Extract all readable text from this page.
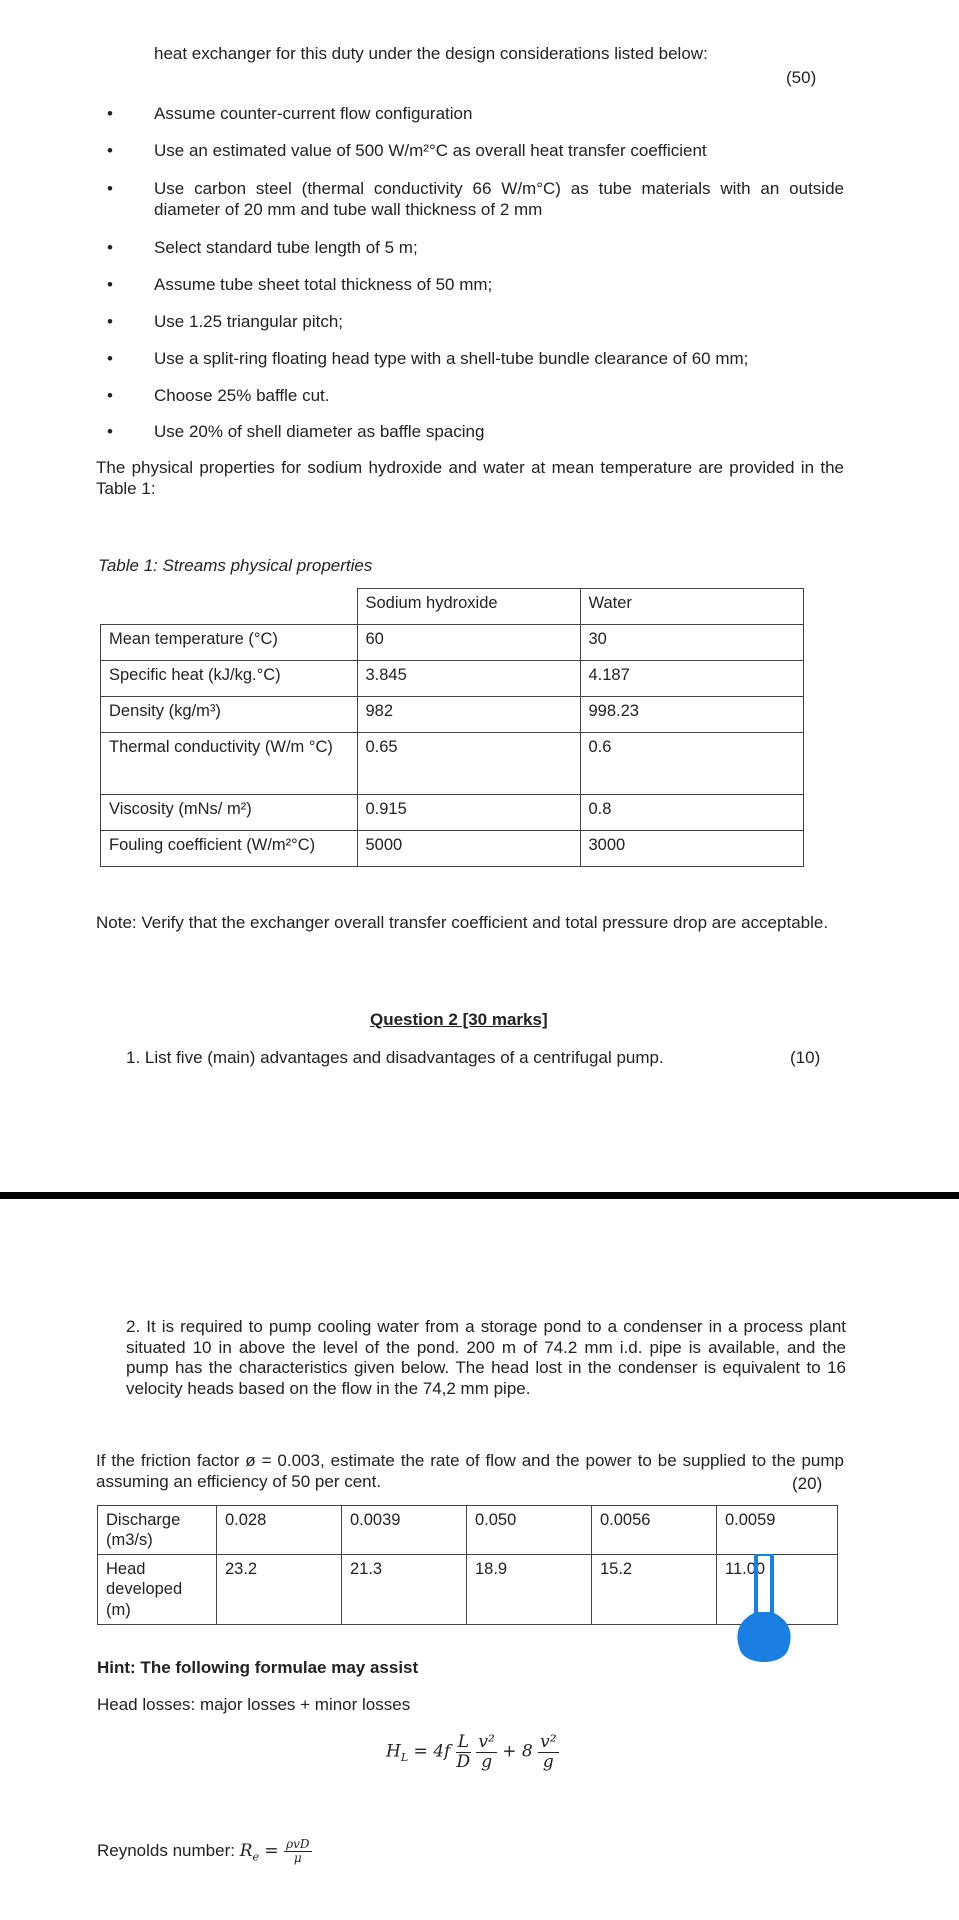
heat exchanger for this duty under the design considerations listed below:
(50)
• Assume counter-current flow configuration
• Use an estimated value of 500 W/m²°C as overall heat transfer coefficient
• Use carbon steel (thermal conductivity 66 W/m°C) as tube materials with an outside diameter of 20 mm and tube wall thickness of 2 mm
• Select standard tube length of 5 m;
• Assume tube sheet total thickness of 50 mm;
• Use 1.25 triangular pitch;
• Use a split-ring floating head type with a shell-tube bundle clearance of 60 mm;
• Choose 25% baffle cut.
• Use 20% of shell diameter as baffle spacing
The physical properties for sodium hydroxide and water at mean temperature are provided in the Table 1:
Table 1: Streams physical properties
	Sodium hydroxide	Water
Mean temperature (°C)	60	30
Specific heat (kJ/kg.°C)	3.845	4.187
Density (kg/m³)	982	998.23
Thermal conductivity (W/m °C)	0.65	0.6
Viscosity (mNs/ m²)	0.915	0.8
Fouling coefficient (W/m²°C)	5000	3000
Note: Verify that the exchanger overall transfer coefficient and total pressure drop are acceptable.
Question 2 [30 marks]
1. List five (main) advantages and disadvantages of a centrifugal pump.	(10)
2. It is required to pump cooling water from a storage pond to a condenser in a process plant situated 10 in above the level of the pond. 200 m of 74.2 mm i.d. pipe is available, and the pump has the characteristics given below. The head lost in the condenser is equivalent to 16 velocity heads based on the flow in the 74,2 mm pipe.
If the friction factor ø = 0.003, estimate the rate of flow and the power to be supplied to the pump assuming an efficiency of 50 per cent.	(20)
Discharge (m3/s)	0.028	0.0039	0.050	0.0056	0.0059
Head developed (m)	23.2	21.3	18.9	15.2	11.00
Hint: The following formulae may assist
Head losses: major losses + minor losses
$H_L = 4f \frac{L}{D}$
$\frac{\text{v²}}{g} + 8 \frac{\text{v²}}{g}$
Reynolds number: $R_e = \frac{\text{ρvD}}{\mu}$
